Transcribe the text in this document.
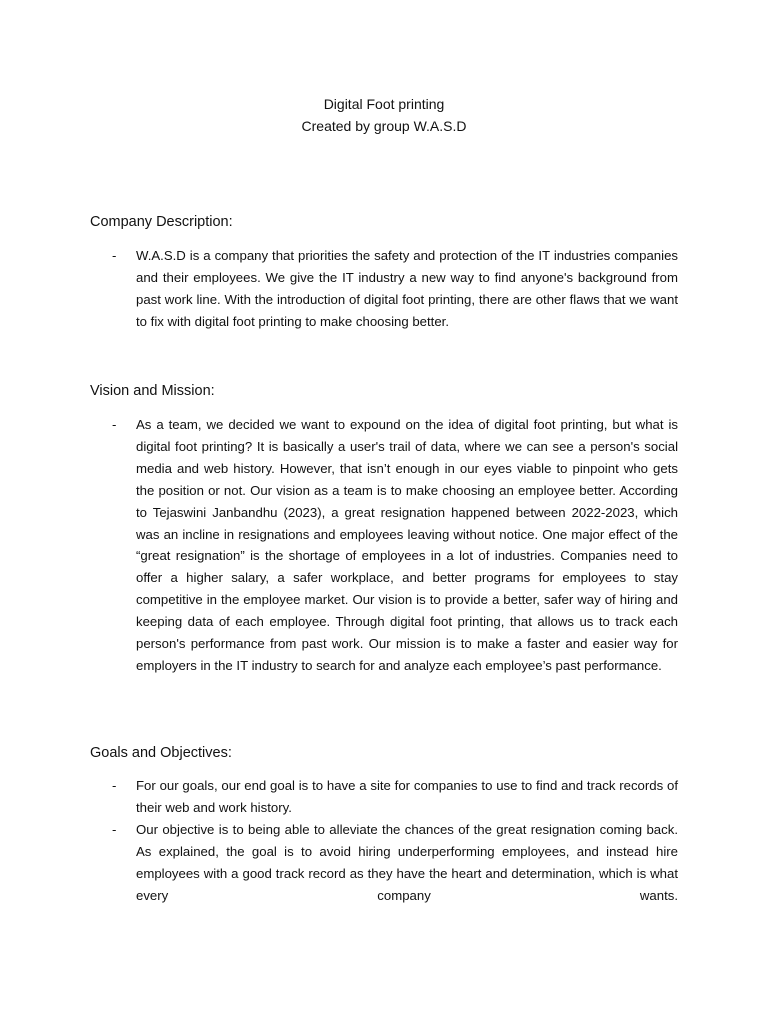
Digital Foot printing
Created by group W.A.S.D
Company Description:
- W.A.S.D is a company that priorities the safety and protection of the IT industries companies and their employees. We give the IT industry a new way to find anyone's background from past work line. With the introduction of digital foot printing, there are other flaws that we want to fix with digital foot printing to make choosing better.
Vision and Mission:
- As a team, we decided we want to expound on the idea of digital foot printing, but what is digital foot printing? It is basically a user's trail of data, where we can see a person's social media and web history. However, that isn’t enough in our eyes viable to pinpoint who gets the position or not. Our vision as a team is to make choosing an employee better. According to Tejaswini Janbandhu (2023), a great resignation happened between 2022-2023, which was an incline in resignations and employees leaving without notice. One major effect of the “great resignation” is the shortage of employees in a lot of industries. Companies need to offer a higher salary, a safer workplace, and better programs for employees to stay competitive in the employee market. Our vision is to provide a better, safer way of hiring and keeping data of each employee. Through digital foot printing, that allows us to track each person's performance from past work. Our mission is to make a faster and easier way for employers in the IT industry to search for and analyze each employee’s past performance.
Goals and Objectives:
- For our goals, our end goal is to have a site for companies to use to find and track records of their web and work history.
- Our objective is to being able to alleviate the chances of the great resignation coming back. As explained, the goal is to avoid hiring underperforming employees, and instead hire employees with a good track record as they have the heart and determination, which is what every company wants.
